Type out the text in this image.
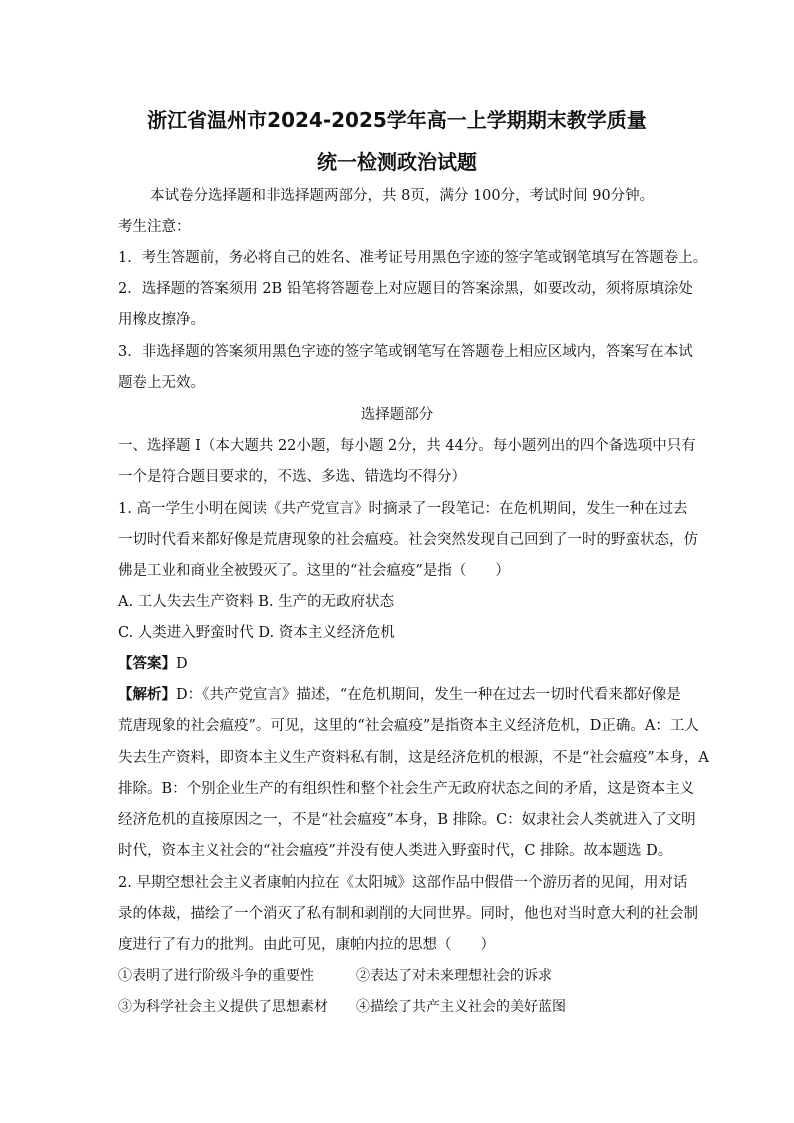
浙江省温州市2024-2025学年高一上学期期末教学质量
统一检测政治试题
本试卷分选择题和非选择题两部分，共 8页，满分 100分，考试时间 90分钟。
考生注意：
1．考生答题前，务必将自己的姓名、准考证号用黑色字迹的签字笔或钢笔填写在答题卷上。
2．选择题的答案须用 2B 铅笔将答题卷上对应题目的答案涂黑，如要改动，须将原填涂处
用橡皮擦净。
3．非选择题的答案须用黑色字迹的签字笔或钢笔写在答题卷上相应区域内，答案写在本试
题卷上无效。
选择题部分
一、选择题 I（本大题共 22小题，每小题 2分，共 44分。每小题列出的四个备选项中只有
一个是符合题目要求的，不选、多选、错选均不得分）
1. 高一学生小明在阅读《共产党宣言》时摘录了一段笔记：在危机期间，发生一种在过去
一切时代看来都好像是荒唐现象的社会瘟疫。社会突然发现自己回到了一时的野蛮状态，仿
佛是工业和商业全被毁灭了。这里的“社会瘟疫”是指（　　）
A. 工人失去生产资料 B. 生产的无政府状态
C. 人类进入野蛮时代 D. 资本主义经济危机
【答案】D
【解析】D：《共产党宣言》描述，“在危机期间，发生一种在过去一切时代看来都好像是
荒唐现象的社会瘟疫”。可见，这里的“社会瘟疫”是指资本主义经济危机，D正确。A：工人
失去生产资料，即资本主义生产资料私有制，这是经济危机的根源，不是“社会瘟疫”本身，A
排除。B：个别企业生产的有组织性和整个社会生产无政府状态之间的矛盾，这是资本主义
经济危机的直接原因之一，不是“社会瘟疫”本身，B 排除。C：奴隶社会人类就进入了文明
时代，资本主义社会的“社会瘟疫”并没有使人类进入野蛮时代，C 排除。故本题选 D。
2. 早期空想社会主义者康帕内拉在《太阳城》这部作品中假借一个游历者的见闻，用对话
录的体裁，描绘了一个消灭了私有制和剥削的大同世界。同时，他也对当时意大利的社会制
度进行了有力的批判。由此可见，康帕内拉的思想（　　）
①表明了进行阶级斗争的重要性　　　②表达了对未来理想社会的诉求
③为科学社会主义提供了思想素材　　④描绘了共产主义社会的美好蓝图
